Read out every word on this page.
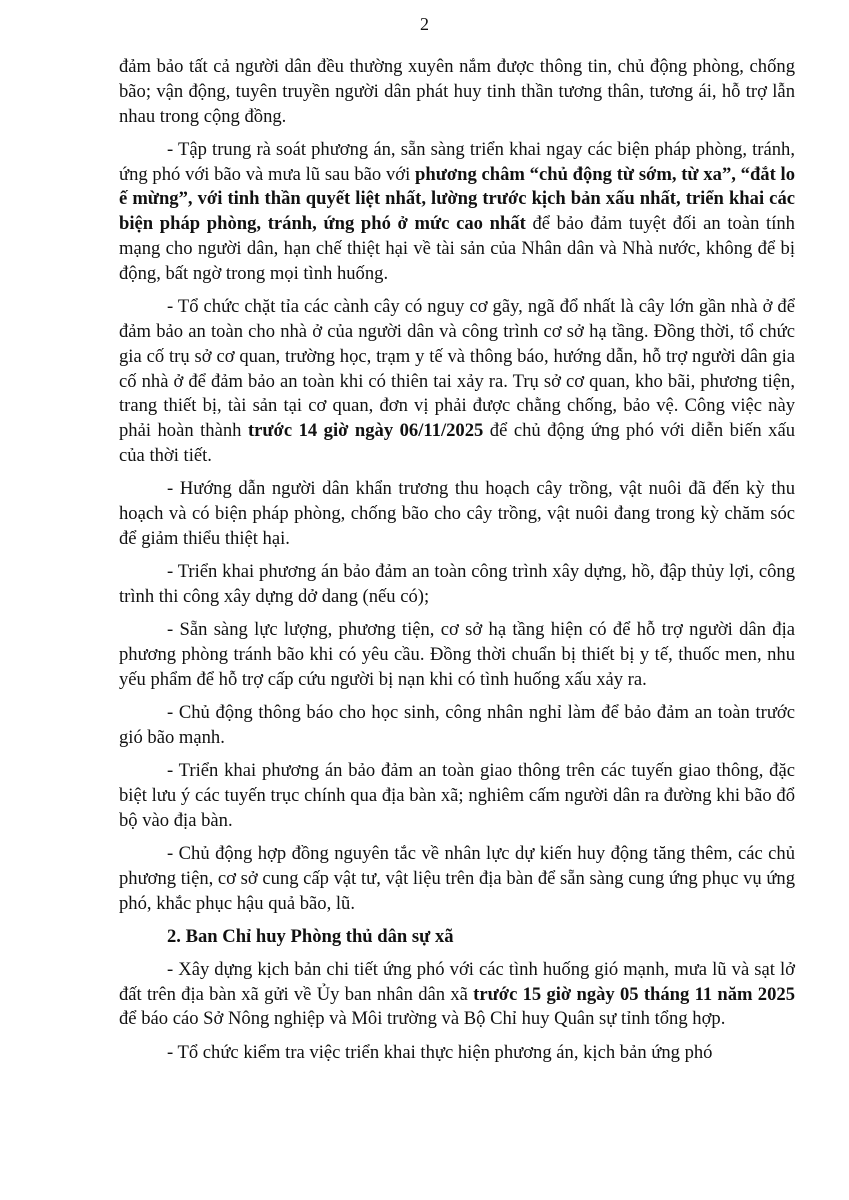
2

đảm bảo tất cả người dân đều thường xuyên nắm được thông tin, chủ động phòng, chống bão; vận động, tuyên truyền người dân phát huy tinh thần tương thân, tương ái, hỗ trợ lẫn nhau trong cộng đồng.

- Tập trung rà soát phương án, sẵn sàng triển khai ngay các biện pháp phòng, tránh, ứng phó với bão và mưa lũ sau bão với phương châm “chủ động từ sớm, từ xa”, “đắt lo ế mừng”, với tinh thần quyết liệt nhất, lường trước kịch bản xấu nhất, triển khai các biện pháp phòng, tránh, ứng phó ở mức cao nhất để bảo đảm tuyệt đối an toàn tính mạng cho người dân, hạn chế thiệt hại về tài sản của Nhân dân và Nhà nước, không để bị động, bất ngờ trong mọi tình huống.

- Tổ chức chặt tỉa các cành cây có nguy cơ gãy, ngã đổ nhất là cây lớn gần nhà ở để đảm bảo an toàn cho nhà ở của người dân và công trình cơ sở hạ tầng. Đồng thời, tổ chức gia cố trụ sở cơ quan, trường học, trạm y tế và thông báo, hướng dẫn, hỗ trợ người dân gia cố nhà ở để đảm bảo an toàn khi có thiên tai xảy ra. Trụ sở cơ quan, kho bãi, phương tiện, trang thiết bị, tài sản tại cơ quan, đơn vị phải được chằng chống, bảo vệ. Công việc này phải hoàn thành trước 14 giờ ngày 06/11/2025 để chủ động ứng phó với diễn biến xấu của thời tiết.

- Hướng dẫn người dân khẩn trương thu hoạch cây trồng, vật nuôi đã đến kỳ thu hoạch và có biện pháp phòng, chống bão cho cây trồng, vật nuôi đang trong kỳ chăm sóc để giảm thiểu thiệt hại.

- Triển khai phương án bảo đảm an toàn công trình xây dựng, hồ, đập thủy lợi, công trình thi công xây dựng dở dang (nếu có);

- Sẵn sàng lực lượng, phương tiện, cơ sở hạ tầng hiện có để hỗ trợ người dân địa phương phòng tránh bão khi có yêu cầu. Đồng thời chuẩn bị thiết bị y tế, thuốc men, nhu yếu phẩm để hỗ trợ cấp cứu người bị nạn khi có tình huống xấu xảy ra.

- Chủ động thông báo cho học sinh, công nhân nghỉ làm để bảo đảm an toàn trước gió bão mạnh.

- Triển khai phương án bảo đảm an toàn giao thông trên các tuyến giao thông, đặc biệt lưu ý các tuyến trục chính qua địa bàn xã; nghiêm cấm người dân ra đường khi bão đổ bộ vào địa bàn.

- Chủ động hợp đồng nguyên tắc về nhân lực dự kiến huy động tăng thêm, các chủ phương tiện, cơ sở cung cấp vật tư, vật liệu trên địa bàn để sẵn sàng cung ứng phục vụ ứng phó, khắc phục hậu quả bão, lũ.

2. Ban Chỉ huy Phòng thủ dân sự xã

- Xây dựng kịch bản chi tiết ứng phó với các tình huống gió mạnh, mưa lũ và sạt lở đất trên địa bàn xã gửi về Ủy ban nhân dân xã trước 15 giờ ngày 05 tháng 11 năm 2025 để báo cáo Sở Nông nghiệp và Môi trường và Bộ Chỉ huy Quân sự tỉnh tổng hợp.

- Tổ chức kiểm tra việc triển khai thực hiện phương án, kịch bản ứng phó
